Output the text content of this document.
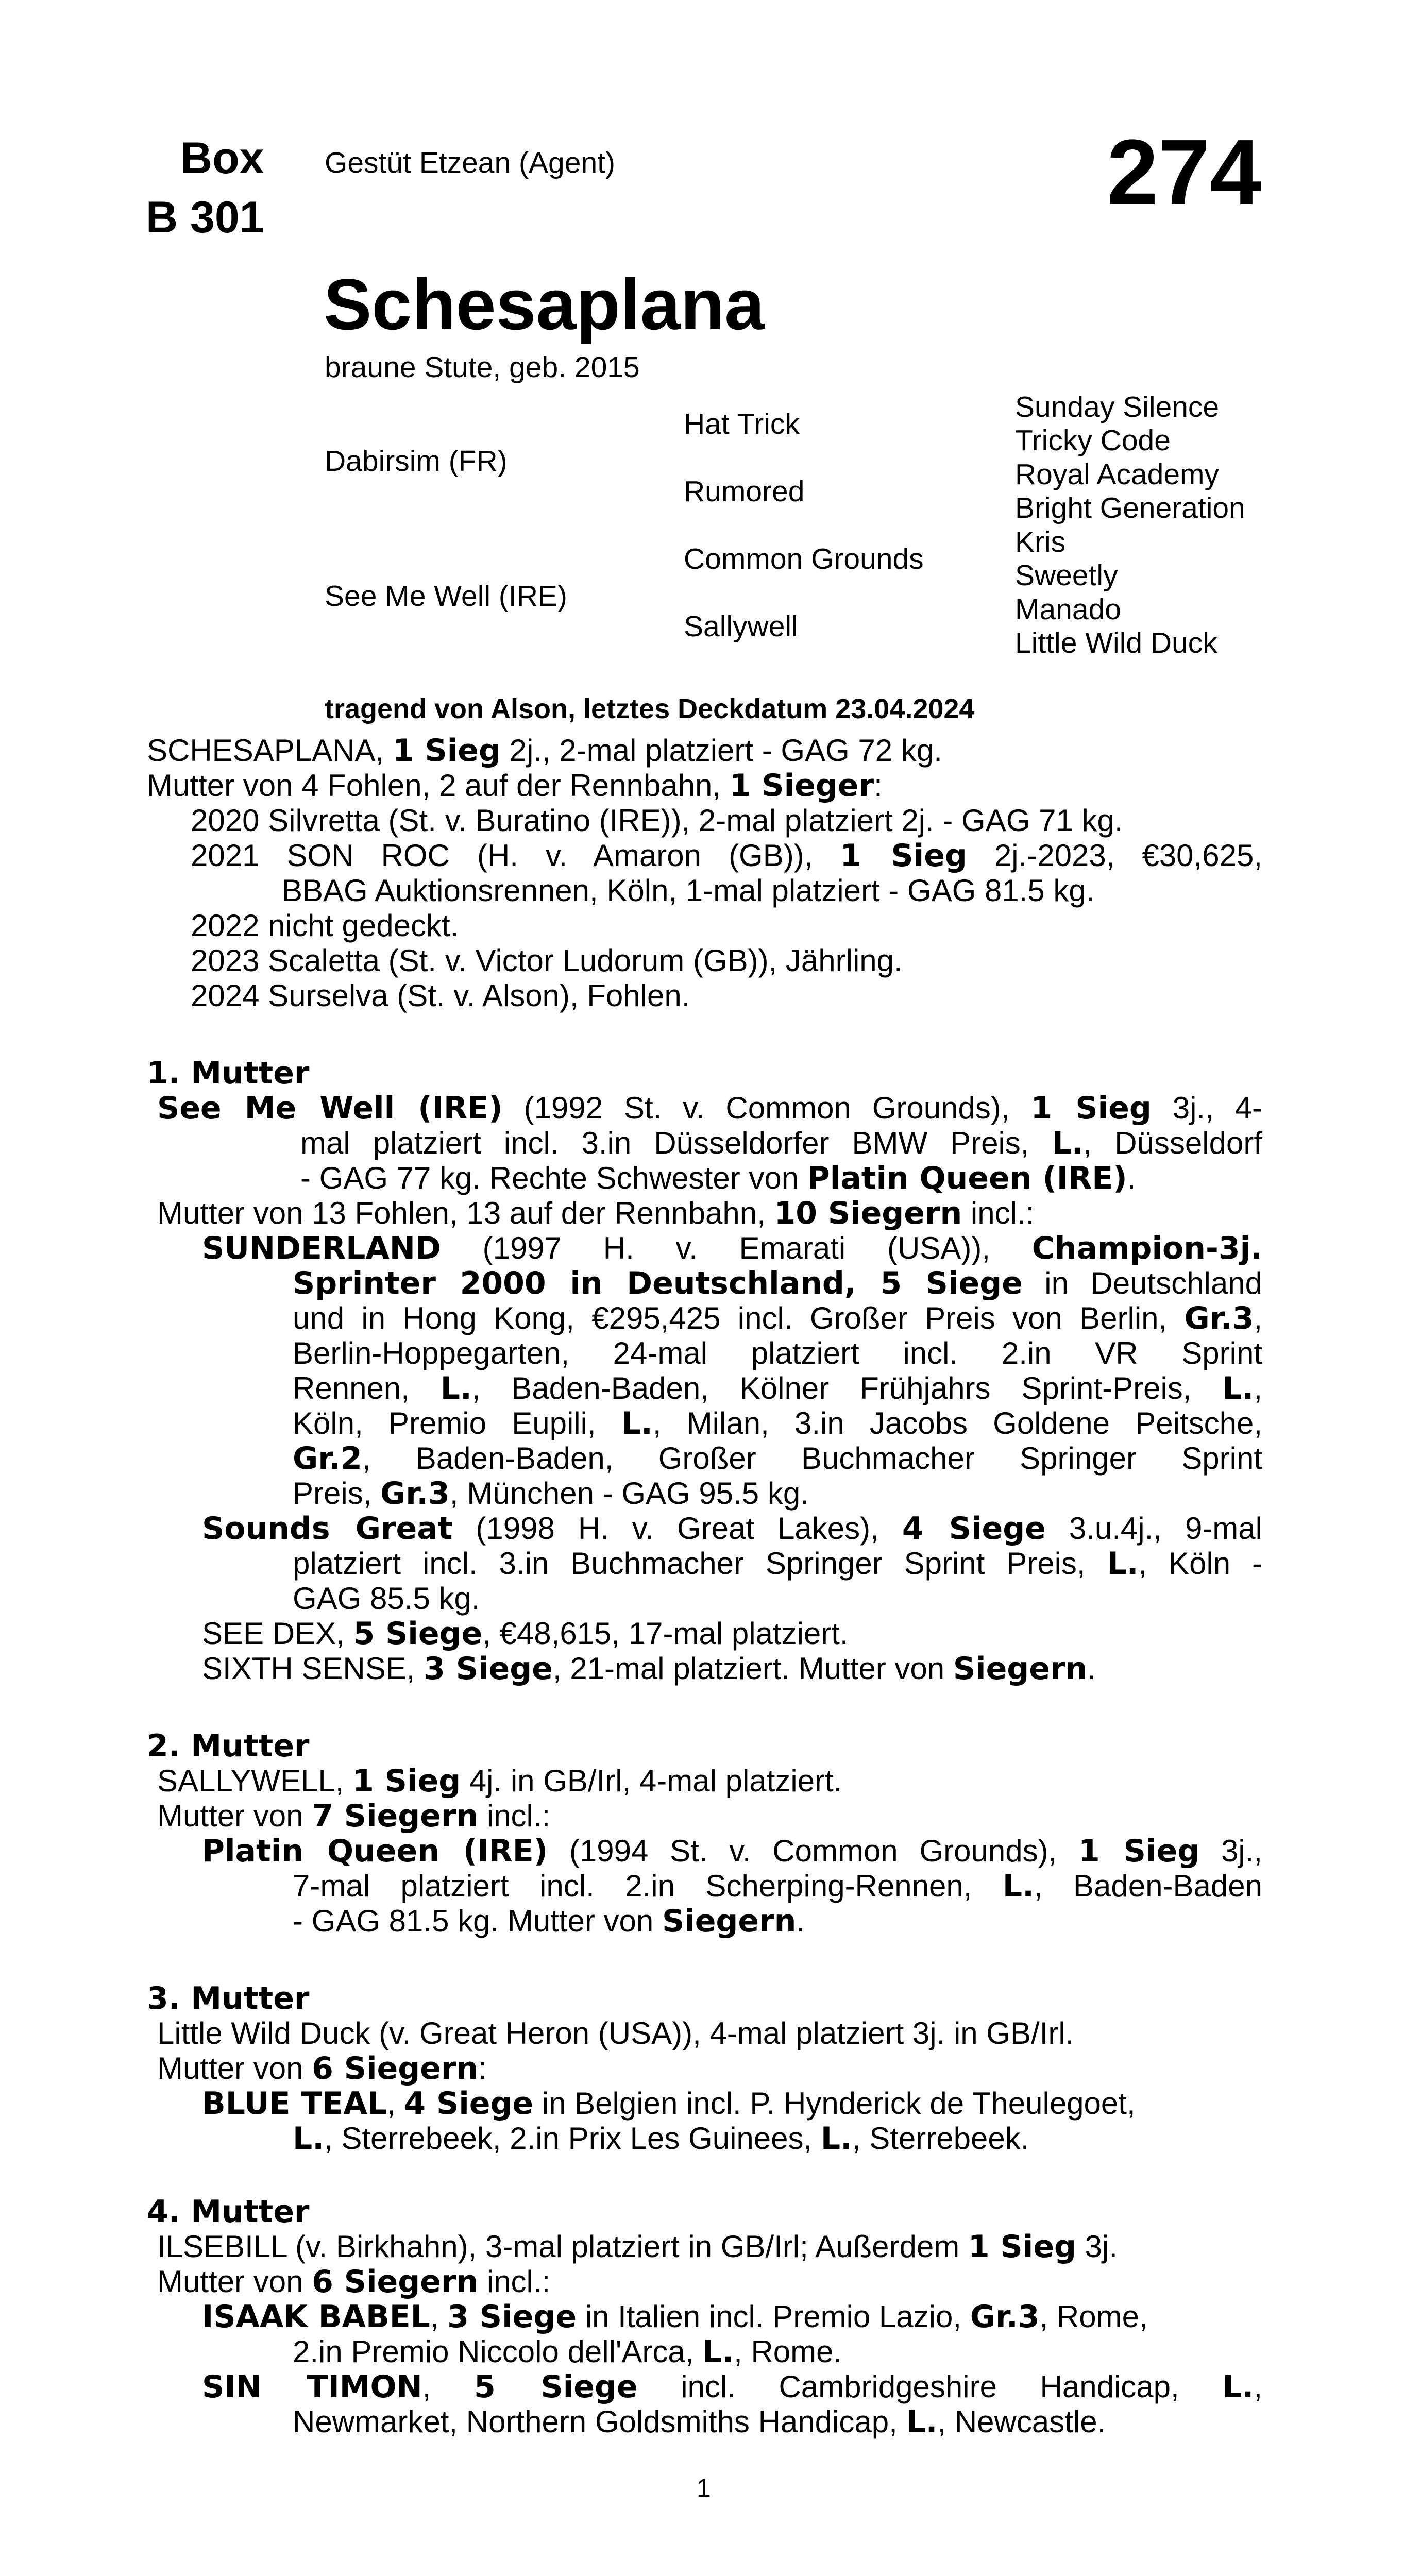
Box
B 301
Gestüt Etzean (Agent)	274
Schesaplana
braune Stute, geb. 2015
Dabirsim (FR)
See Me Well (IRE)
Hat Trick
Rumored
Common Grounds
Sallywell
Sunday Silence
Tricky Code
Royal Academy
Bright Generation
Kris
Sweetly
Manado
Little Wild Duck
tragend von Alson, letztes Deckdatum 23.04.2024
SCHESAPLANA, 1 Sieg 2j., 2-mal platziert - GAG 72 kg.
Mutter von 4 Fohlen, 2 auf der Rennbahn, 1 Sieger:
2020 Silvretta (St. v. Buratino (IRE)), 2-mal platziert 2j. - GAG 71 kg.
2021 SON ROC (H. v. Amaron (GB)), 1 Sieg 2j.-2023, €30,625,
BBAG Auktionsrennen, Köln, 1-mal platziert - GAG 81.5 kg.
2022 nicht gedeckt.
2023 Scaletta (St. v. Victor Ludorum (GB)), Jährling.
2024 Surselva (St. v. Alson), Fohlen.
1. Mutter
See Me Well (IRE) (1992 St. v. Common Grounds), 1 Sieg 3j., 4-
mal platziert incl. 3.in Düsseldorfer BMW Preis, L., Düsseldorf
- GAG 77 kg. Rechte Schwester von Platin Queen (IRE).
Mutter von 13 Fohlen, 13 auf der Rennbahn, 10 Siegern incl.:
SUNDERLAND (1997 H. v. Emarati (USA)), Champion-3j.
Sprinter 2000 in Deutschland, 5 Siege in Deutschland
und in Hong Kong, €295,425 incl. Großer Preis von Berlin, Gr.3,
Berlin-Hoppegarten, 24-mal platziert incl. 2.in VR Sprint
Rennen, L., Baden-Baden, Kölner Frühjahrs Sprint-Preis, L.,
Köln, Premio Eupili, L., Milan, 3.in Jacobs Goldene Peitsche,
Gr.2, Baden-Baden, Großer Buchmacher Springer Sprint
Preis, Gr.3, München - GAG 95.5 kg.
Sounds Great (1998 H. v. Great Lakes), 4 Siege 3.u.4j., 9-mal
platziert incl. 3.in Buchmacher Springer Sprint Preis, L., Köln -
GAG 85.5 kg.
SEE DEX, 5 Siege, €48,615, 17-mal platziert.
SIXTH SENSE, 3 Siege, 21-mal platziert. Mutter von Siegern.
2. Mutter
SALLYWELL, 1 Sieg 4j. in GB/Irl, 4-mal platziert.
Mutter von 7 Siegern incl.:
Platin Queen (IRE) (1994 St. v. Common Grounds), 1 Sieg 3j.,
7-mal platziert incl. 2.in Scherping-Rennen, L., Baden-Baden
- GAG 81.5 kg. Mutter von Siegern.
3. Mutter
Little Wild Duck (v. Great Heron (USA)), 4-mal platziert 3j. in GB/Irl.
Mutter von 6 Siegern:
BLUE TEAL, 4 Siege in Belgien incl. P. Hynderick de Theulegoet,
L., Sterrebeek, 2.in Prix Les Guinees, L., Sterrebeek.
4. Mutter
ILSEBILL (v. Birkhahn), 3-mal platziert in GB/Irl; Außerdem 1 Sieg 3j.
Mutter von 6 Siegern incl.:
ISAAK BABEL, 3 Siege in Italien incl. Premio Lazio, Gr.3, Rome,
2.in Premio Niccolo dell'Arca, L., Rome.
SIN TIMON, 5 Siege incl. Cambridgeshire Handicap, L.,
Newmarket, Northern Goldsmiths Handicap, L., Newcastle.
1
